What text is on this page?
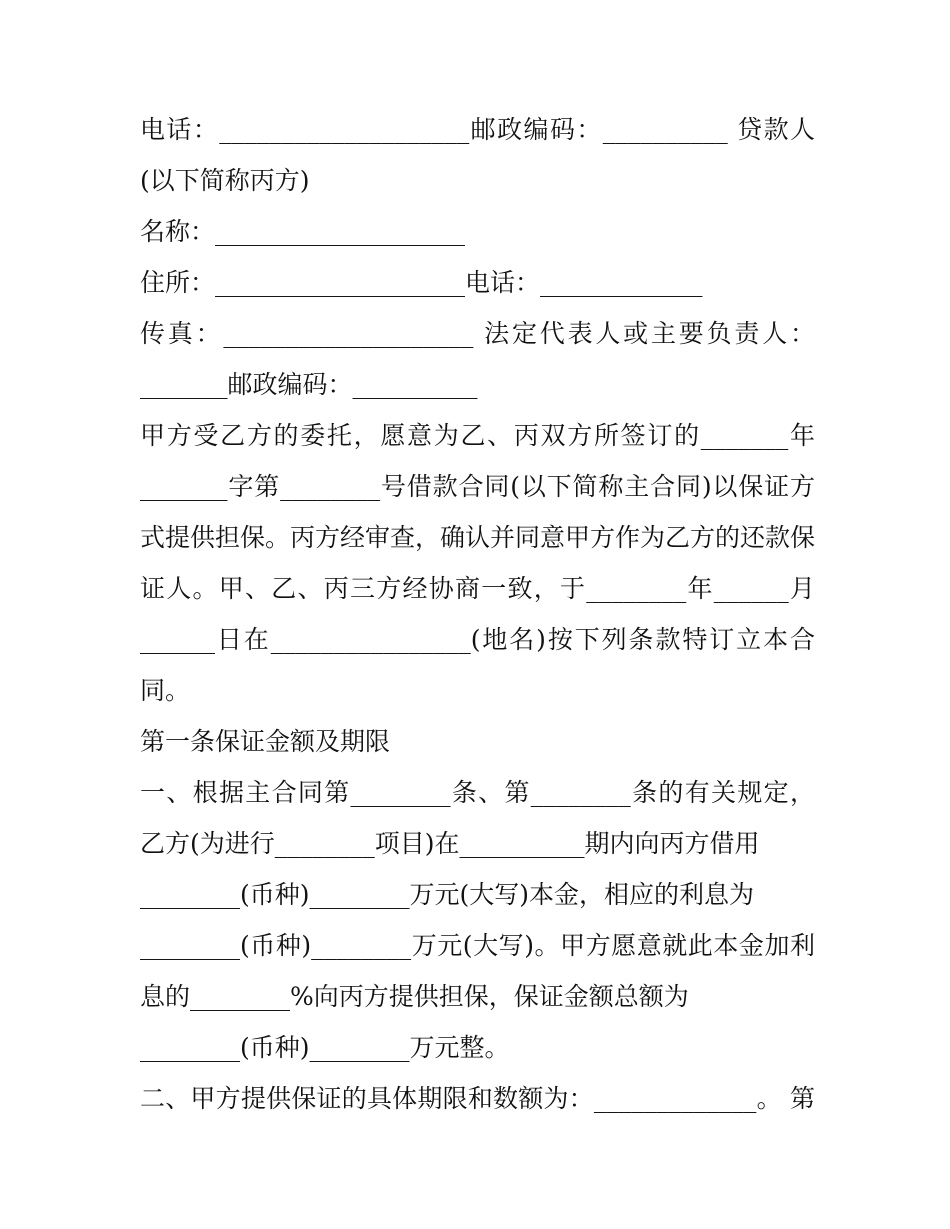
电话：____________________邮政编码：__________ 贷款人
(以下简称丙方)
名称：____________________
住所：____________________电话：_____________
传真：____________________ 法定代表人或主要负责人：
_______邮政编码：__________
甲方受乙方的委托，愿意为乙、丙双方所签订的_______年
_______字第________号借款合同(以下简称主合同)以保证方
式提供担保。丙方经审查，确认并同意甲方作为乙方的还款保
证人。甲、乙、丙三方经协商一致，于________年______月
______日在________________(地名)按下列条款特订立本合
同。
第一条保证金额及期限
一、根据主合同第________条、第________条的有关规定，
乙方(为进行________项目)在__________期内向丙方借用
________(币种)________万元(大写)本金，相应的利息为
________(币种)________万元(大写)。甲方愿意就此本金加利
息的________%向丙方提供担保，保证金额总额为
________(币种)________万元整。
二、甲方提供保证的具体期限和数额为：_____________。 第
